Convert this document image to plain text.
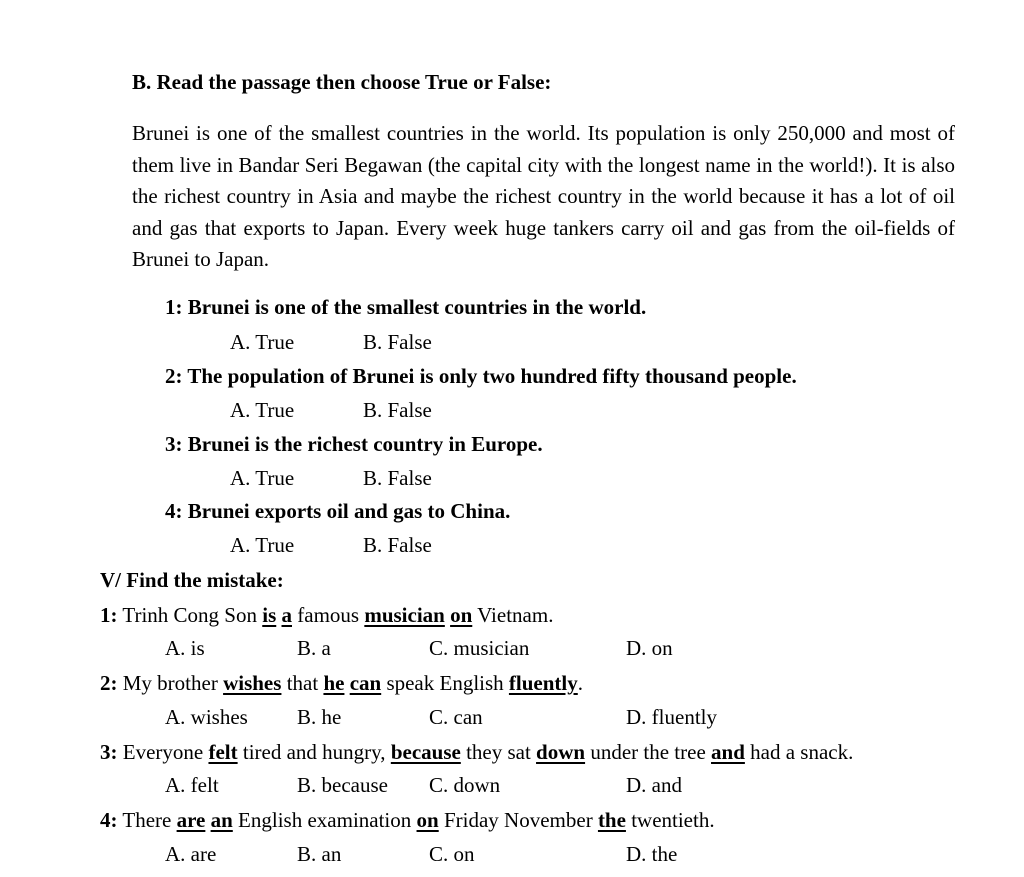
B. Read the passage then choose True or False:
Brunei is one of the smallest countries in the world. Its population is only 250,000 and most of them live in Bandar Seri Begawan (the capital city with the longest name in the world!). It is also the richest country in Asia and maybe the richest country in the world because it has a lot of oil and gas that exports to Japan. Every week huge tankers carry oil and gas from the oil-fields of Brunei to Japan.
1: Brunei is one of the smallest countries in the world.
A. True	B. False
2: The population of Brunei is only two hundred fifty thousand people.
A. True	B. False
3: Brunei is the richest country in Europe.
A. True	B. False
4: Brunei exports oil and gas to China.
A. True	B. False
V/ Find the mistake:
1: Trinh Cong Son is a famous musician on Vietnam.
A. is	B. a	C. musician	D. on
2: My brother wishes that he can speak English fluently.
A. wishes B. he	C. can	D. fluently
3: Everyone felt tired and hungry, because they sat down under the tree and had a snack.
A. felt	B. because C. down	D. and
4: There are an English examination on Friday November the twentieth.
A. are	B. an	C. on	D. the
